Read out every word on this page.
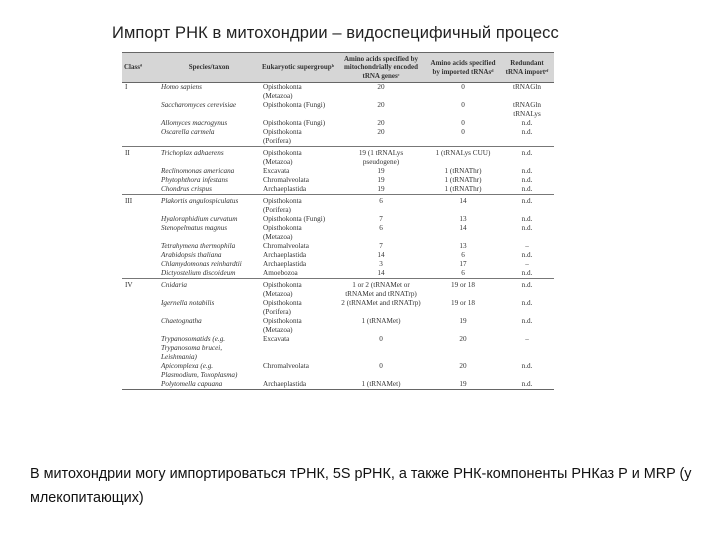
Импорт РНК в митохондрии – видоспецифичный процесс
Classª	Species/taxon	Eukaryotic supergroupᵇ	Amino acids specified by mitochondrially encoded tRNA genesᶜ	Amino acids specified by imported tRNAsᵈ	Redundant tRNA importᵉᶠ
I	Homo sapiens	Opisthokonta	20	0	tRNAGln
		(Metazoa)			
	Saccharomyces cerevisiae	Opisthokonta (Fungi)	20	0	tRNAGln
					tRNALys
	Allomyces macrogynus	Opisthokonta (Fungi)	20	0	n.d.
	Oscarella carmela	Opisthokonta	20	0	n.d.
		(Porifera)			
II	Trichoplax adhaerens	Opisthokonta	19 (1 tRNALys	1 (tRNALys CUU)	n.d.
		(Metazoa)	pseudogene)		
	Reclinomonas americana	Excavata	19	1 (tRNAThr)	n.d.
	Phytophthora infestans	Chromalveolata	19	1 (tRNAThr)	n.d.
	Chondrus crispus	Archaeplastida	19	1 (tRNAThr)	n.d.
III	Plakortis angulospiculatus	Opisthokonta	6	14	n.d.
		(Porifera)			
	Hyaloraphidium curvatum	Opisthokonta (Fungi)	7	13	n.d.
	Stenopelmatus magnus	Opisthokonta	6	14	n.d.
		(Metazoa)			
	Tetrahymena thermophila	Chromalveolata	7	13	–
	Arabidopsis thaliana	Archaeplastida	14	6	n.d.
	Chlamydomonas reinhardtii	Archaeplastida	3	17	–
	Dictyostelium discoideum	Amoebozoa	14	6	n.d.
IV	Cnidaria	Opisthokonta	1 or 2 (tRNAMet or	19 or 18	n.d.
		(Metazoa)	tRNAMet and tRNATrp)		
	Igernella notabilis	Opisthokonta	2 (tRNAMet and tRNATrp)	19 or 18	n.d.
		(Porifera)			
	Chaetognatha	Opisthokonta	1 (tRNAMet)	19	n.d.
		(Metazoa)			
	Trypanosomatids (e.g.	Excavata	0	20	–
	Trypanosoma brucei,				
	Leishmania)				
	Apicomplexa (e.g.	Chromalveolata	0	20	n.d.
	Plasmodium, Toxoplasma)				
	Polytomella capuana	Archaeplastida	1 (tRNAMet)	19	n.d.
В митохондрии могу импортироваться тРНК, 5S рРНК, а также РНК-компоненты РНКаз Р и MRP (у млекопитающих)
